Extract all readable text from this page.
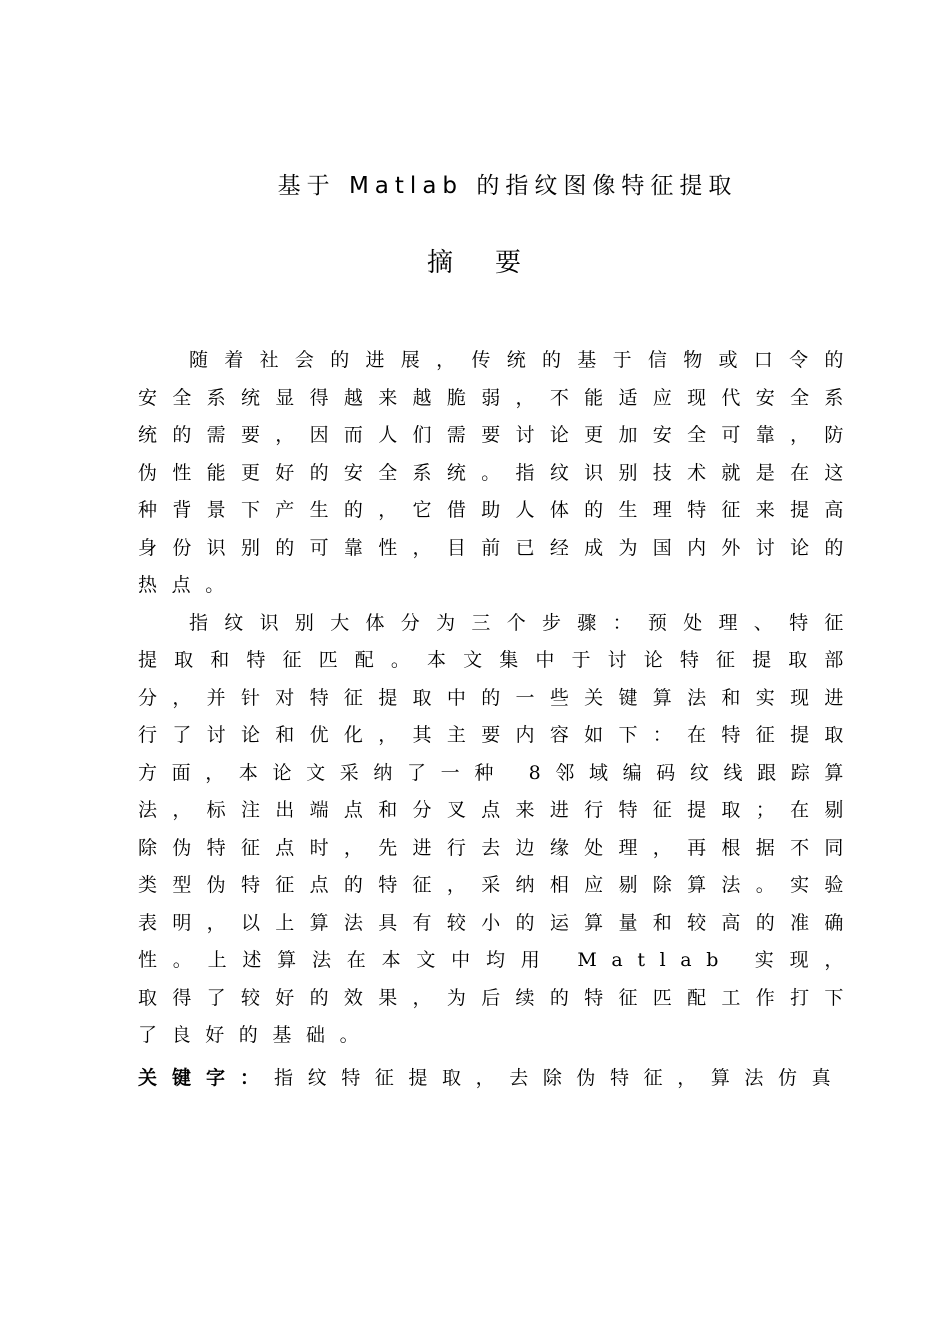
基于 Matlab 的指纹图像特征提取
摘要

随着社会的进展，传统的基于信物或口令的安全系统显得越来越脆弱，不能适应现代安全系统的需要，因而人们需要讨论更加安全可靠，防伪性能更好的安全系统。指纹识别技术就是在这种背景下产生的，它借助人体的生理特征来提高身份识别的可靠性，目前已经成为国内外讨论的热点。

指纹识别大体分为三个步骤：预处理、特征提取和特征匹配。本文集中于讨论特征提取部分，并针对特征提取中的一些关键算法和实现进行了讨论和优化，其主要内容如下：在特征提取方面，本论文采纳了一种 8邻域编码纹线跟踪算法，标注出端点和分叉点来进行特征提取；在剔除伪特征点时，先进行去边缘处理，再根据不同类型伪特征点的特征，采纳相应剔除算法。实验表明，以上算法具有较小的运算量和较高的准确性。上述算法在本文中均用 Matlab 实现，取得了较好的效果，为后续的特征匹配工作打下了良好的基础。

关键字：指纹特征提取，去除伪特征，算法仿真
